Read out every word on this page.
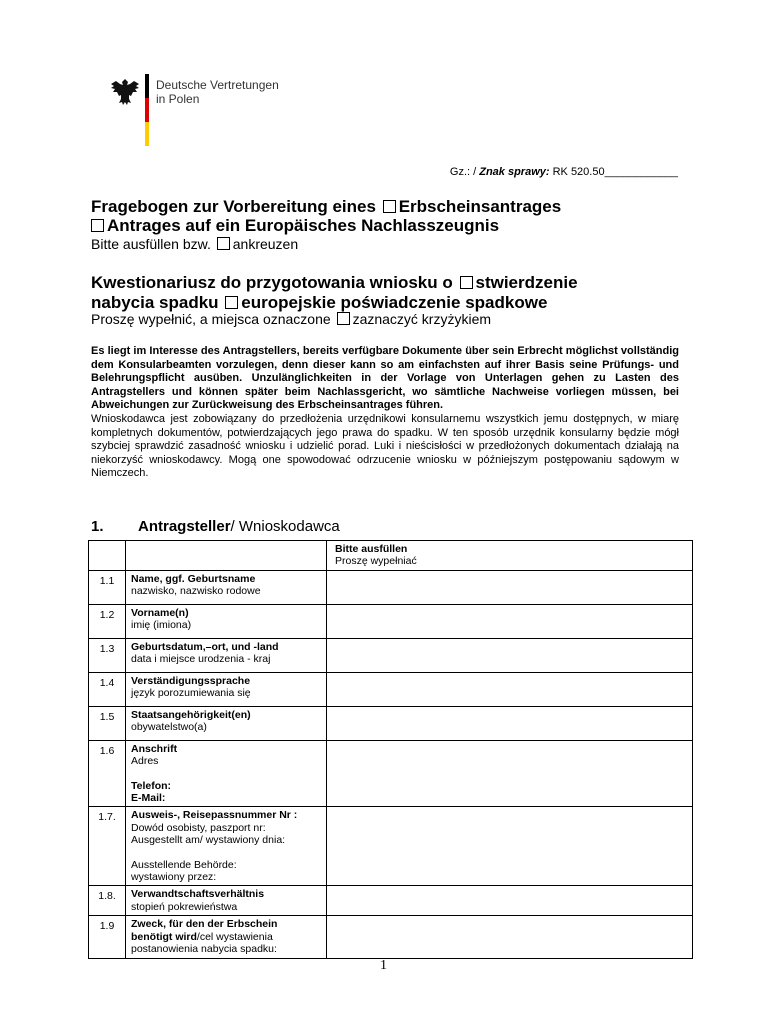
Deutsche Vertretungen
in Polen
Gz.: / Znak sprawy: RK 520.50____________
Fragebogen zur Vorbereitung eines Erbscheinsantrages
Antrages auf ein Europäisches Nachlasszeugnis
Bitte ausfüllen bzw. ankreuzen
Kwestionariusz do przygotowania wniosku o stwierdzenie
nabycia spadku europejskie poświadczenie spadkowe
Proszę wypełnić, a miejsca oznaczone zaznaczyć krzyżykiem
Es liegt im Interesse des Antragstellers, bereits verfügbare Dokumente über sein Erbrecht möglichst vollständig dem Konsularbeamten vorzulegen, denn dieser kann so am einfachsten auf ihrer Basis seine Prüfungs- und Belehrungspflicht ausüben. Unzulänglichkeiten in der Vorlage von Unterlagen gehen zu Lasten des Antragstellers und können später beim Nachlassgericht, wo sämtliche Nachweise vorliegen müssen, bei Abweichungen zur Zurückweisung des Erbscheinsantrages führen.
Wnioskodawca jest zobowiązany do przedłożenia urzędnikowi konsularnemu wszystkich jemu dostępnych, w miarę kompletnych dokumentów, potwierdzających jego prawa do spadku. W ten sposób urzędnik konsularny będzie mógł szybciej sprawdzić zasadność wniosku i udzielić porad. Luki i nieścisłości w przedłożonych dokumentach działają na niekorzyść wnioskodawcy. Mogą one spowodować odrzucenie wniosku w późniejszym postępowaniu sądowym w Niemczech.
1. Antragsteller/ Wnioskodawca

		Bitte ausfüllen
Proszę wypełniać

1.1	Name, ggf. Geburtsname
nazwisko, nazwisko rodowe	

1.2	Vorname(n)
imię (imiona)	

1.3	Geburtsdatum,–ort, und -land
data i miejsce urodzenia - kraj	

1.4	Verständigungssprache
język porozumiewania się	

1.5	Staatsangehörigkeit(en)
obywatelstwo(a)	

1.6	Anschrift
Adres
Telefon:
E-Mail:	

1.7.	Ausweis-, Reisepassnummer Nr :
Dowód osobisty, paszport nr:
Ausgestellt am/ wystawiony dnia:
Ausstellende Behörde:
wystawiony przez:	

1.8.	Verwandtschaftsverhältnis
stopień pokrewieństwa	

1.9	Zweck, für den der Erbschein benötigt wird/cel wystawienia postanowienia nabycia spadku:	
1
